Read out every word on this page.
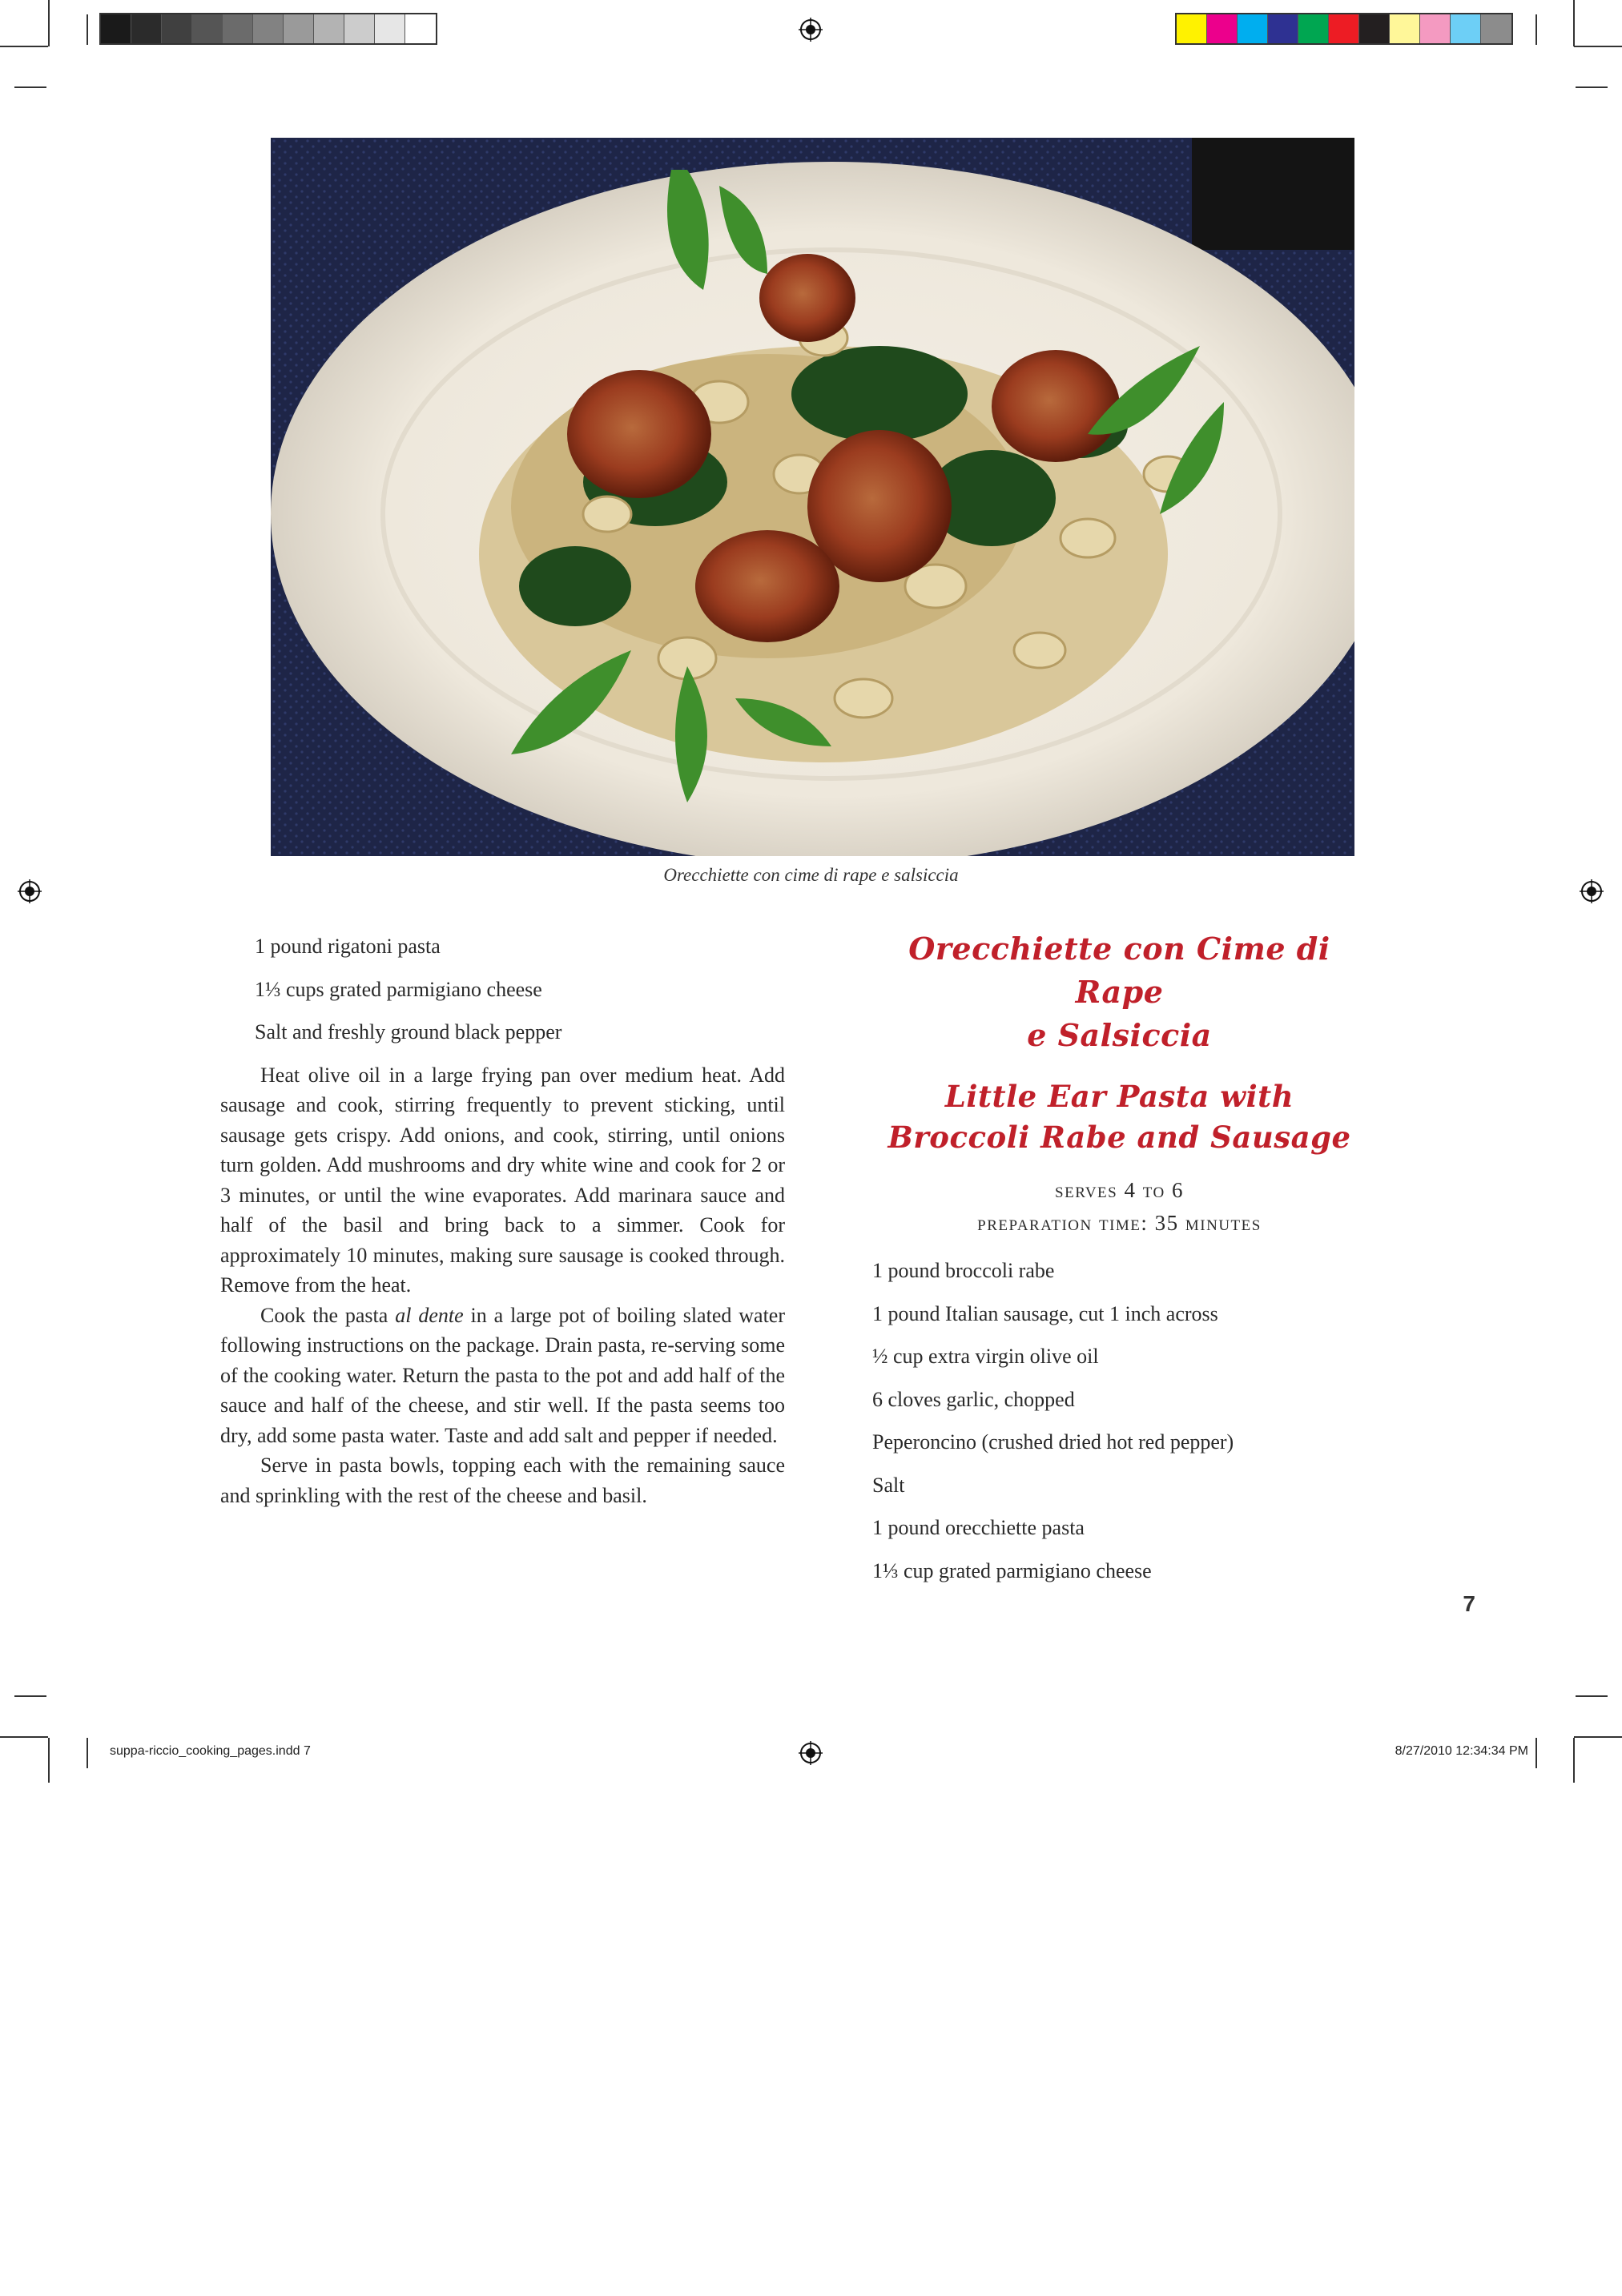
Orecchiette con cime di rape e salsiccia
1 pound rigatoni pasta
1⅓ cups grated parmigiano cheese
Salt and freshly ground black pepper

Heat olive oil in a large frying pan over medium heat. Add sausage and cook, stirring frequently to prevent sticking, until sausage gets crispy. Add onions, and cook, stirring, until onions turn golden. Add mushrooms and dry white wine and cook for 2 or 3 minutes, or until the wine evaporates. Add marinara sauce and half of the basil and bring back to a simmer. Cook for approximately 10 minutes, making sure sausage is cooked through. Remove from the heat.

Cook the pasta al dente in a large pot of boiling slated water following instructions on the package. Drain pasta, re-serving some of the cooking water. Return the pasta to the pot and add half of the sauce and half of the cheese, and stir well. If the pasta seems too dry, add some pasta water. Taste and add salt and pepper if needed.

Serve in pasta bowls, topping each with the remaining sauce and sprinkling with the rest of the cheese and basil.

Orecchiette con Cime di Rape
e Salsiccia
Little Ear Pasta with
Broccoli Rabe and Sausage
serves 4 to 6
preparation time: 35 minutes
1 pound broccoli rabe
1 pound Italian sausage, cut 1 inch across
½ cup extra virgin olive oil
6 cloves garlic, chopped
Peperoncino (crushed dried hot red pepper)
Salt
1 pound orecchiette pasta
1⅓ cup grated parmigiano cheese
7
suppa-riccio_cooking_pages.indd 7	8/27/2010 12:34:34 PM
